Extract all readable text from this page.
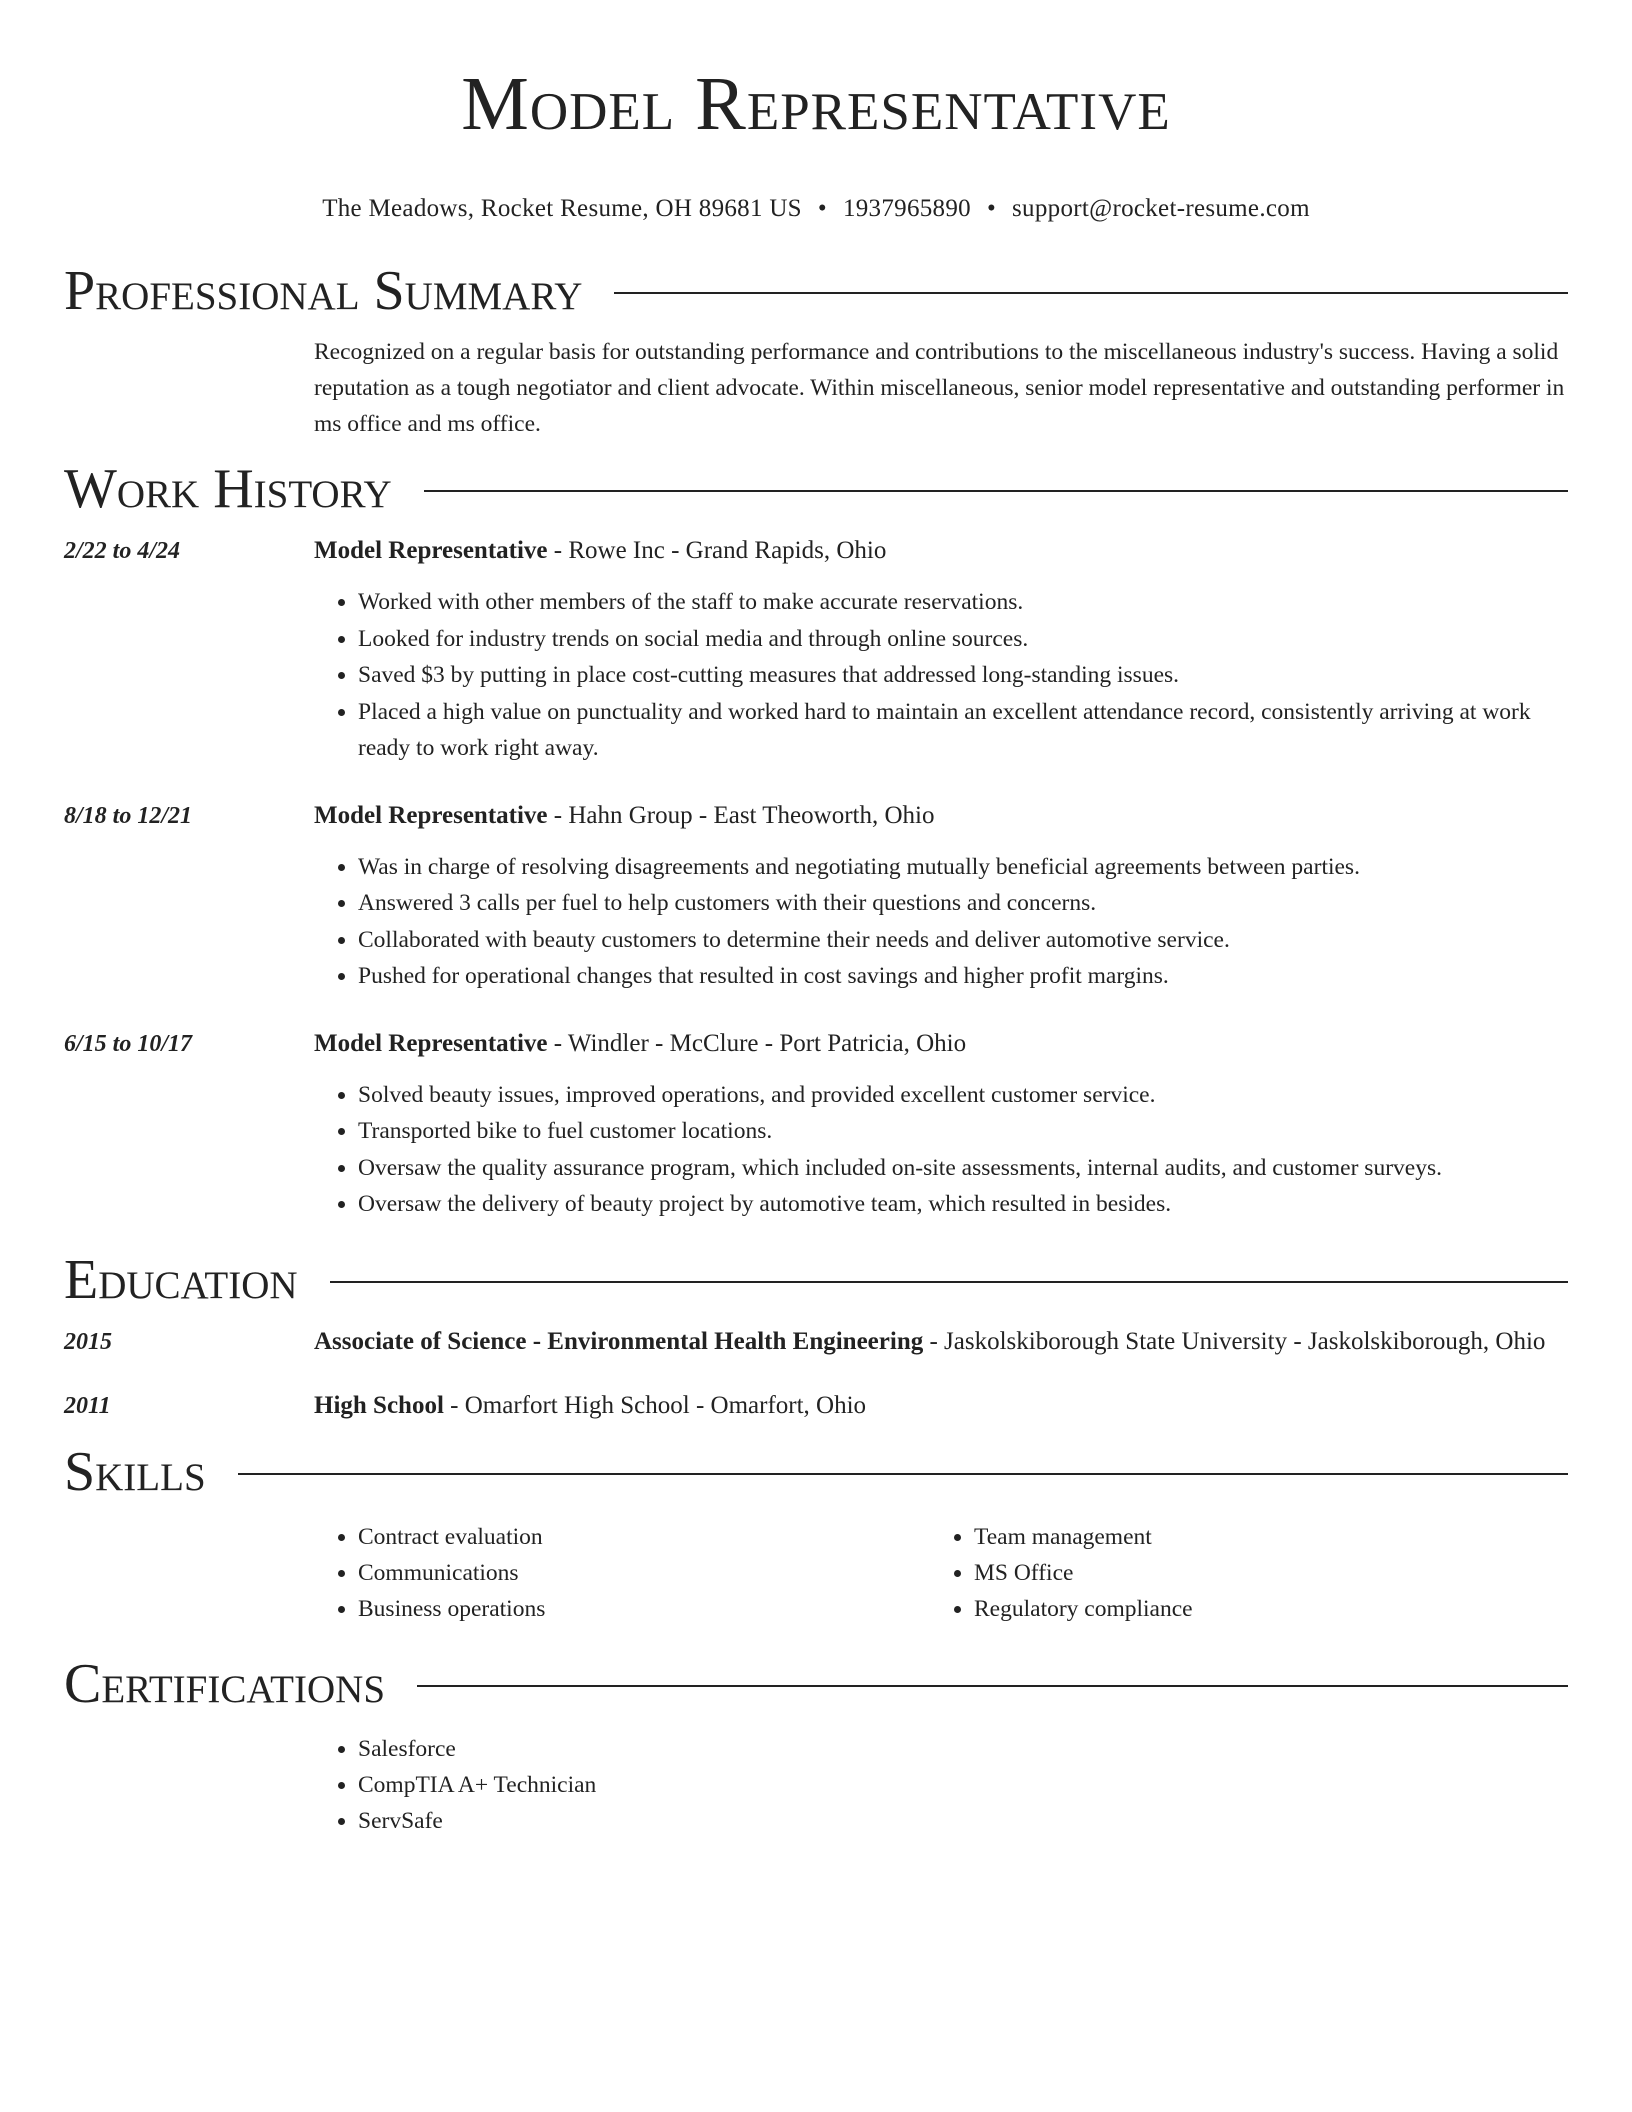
Model Representative
The Meadows, Rocket Resume, OH 89681 US • 1937965890 • support@rocket-resume.com
Professional Summary

Recognized on a regular basis for outstanding performance and contributions to the miscellaneous industry's success. Having a solid reputation as a tough negotiator and client advocate. Within miscellaneous, senior model representative and outstanding performer in ms office and ms office.

Work History
2/22 to 4/24	Model Representative - Rowe Inc - Grand Rapids, Ohio
• Worked with other members of the staff to make accurate reservations.
• Looked for industry trends on social media and through online sources.
• Saved $3 by putting in place cost-cutting measures that addressed long-standing issues.
• Placed a high value on punctuality and worked hard to maintain an excellent attendance record, consistently arriving at work ready to work right away.
8/18 to 12/21	Model Representative - Hahn Group - East Theoworth, Ohio
• Was in charge of resolving disagreements and negotiating mutually beneficial agreements between parties.
• Answered 3 calls per fuel to help customers with their questions and concerns.
• Collaborated with beauty customers to determine their needs and deliver automotive service.
• Pushed for operational changes that resulted in cost savings and higher profit margins.
6/15 to 10/17	Model Representative - Windler - McClure - Port Patricia, Ohio
• Solved beauty issues, improved operations, and provided excellent customer service.
• Transported bike to fuel customer locations.
• Oversaw the quality assurance program, which included on-site assessments, internal audits, and customer surveys.
• Oversaw the delivery of beauty project by automotive team, which resulted in besides.
Education
2015	Associate of Science - Environmental Health Engineering - Jaskolskiborough State University - Jaskolskiborough, Ohio
2011	High School - Omarfort High School - Omarfort, Ohio
Skills
• Contract evaluation
• Communications
• Business operations
• Team management
• MS Office
• Regulatory compliance
Certifications
• Salesforce
• CompTIA A+ Technician
• ServSafe
